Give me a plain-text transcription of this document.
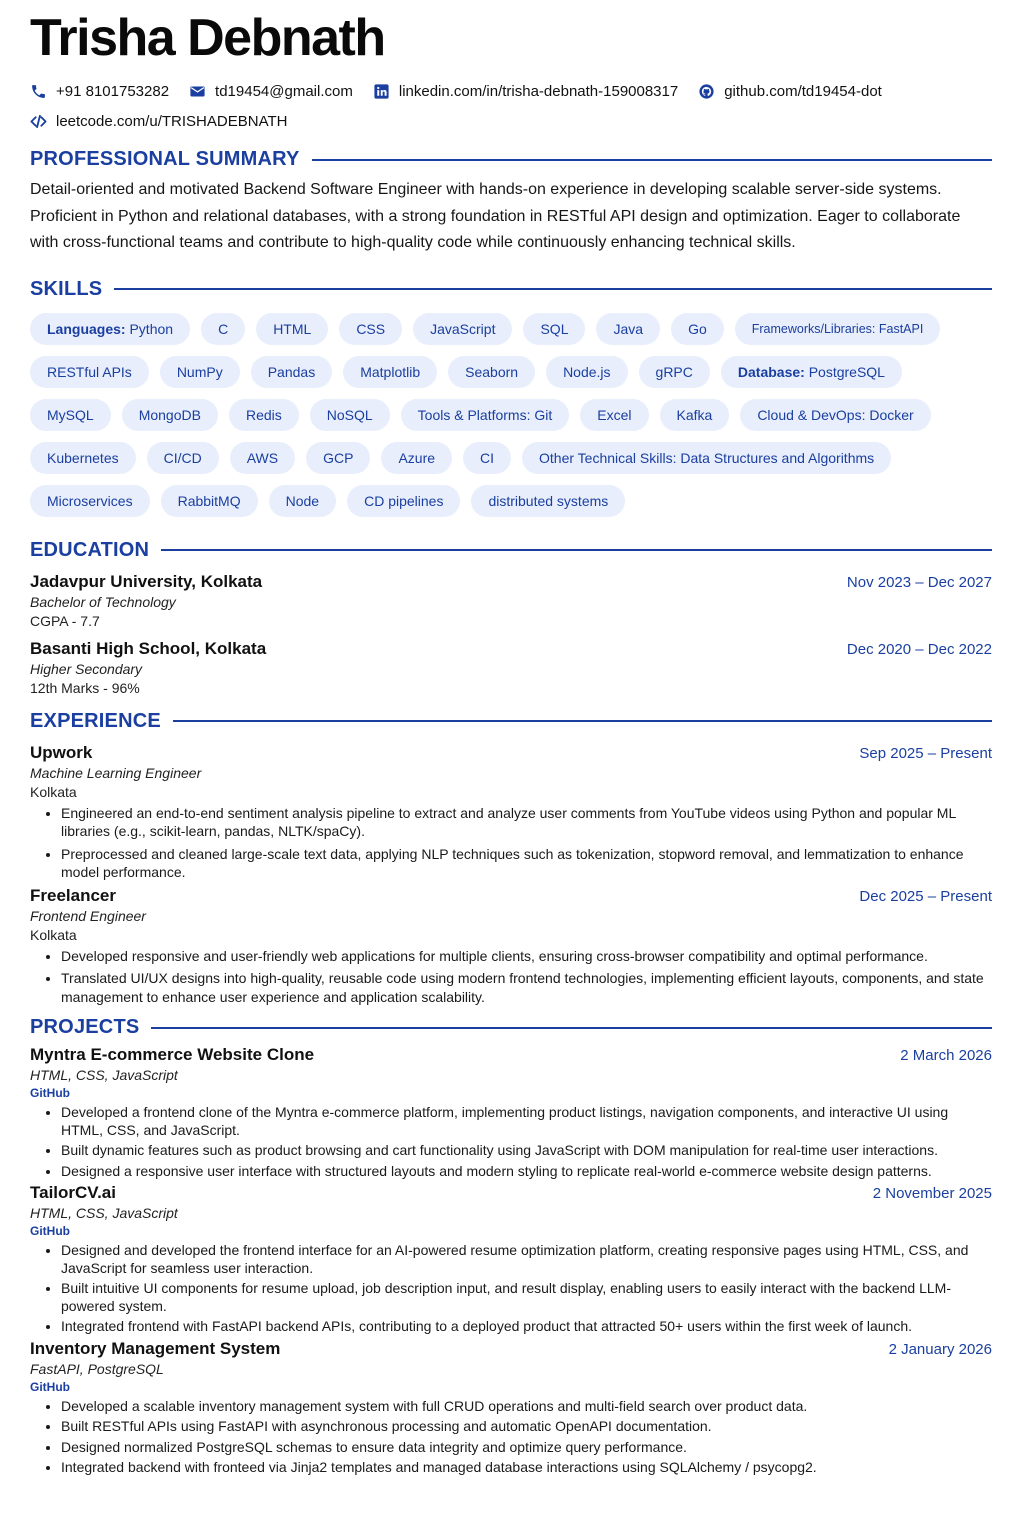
Trisha Debnath
+91 8101753282	td19454@gmail.com	linkedin.com/in/trisha-debnath-159008317	github.com/td19454-dot
leetcode.com/u/TRISHADEBNATH
PROFESSIONAL SUMMARY
Detail-oriented and motivated Backend Software Engineer with hands-on experience in developing scalable server-side systems. Proficient in Python and relational databases, with a strong foundation in RESTful API design and optimization. Eager to collaborate with cross-functional teams and contribute to high-quality code while continuously enhancing technical skills.
SKILLS
Languages: Python	C	HTML	CSS	JavaScript	SQL	Java	Go	Frameworks/Libraries: FastAPI
RESTful APIs	NumPy	Pandas	Matplotlib	Seaborn	Node.js	gRPC	Database: PostgreSQL
MySQL	MongoDB	Redis	NoSQL	Tools & Platforms: Git	Excel	Kafka	Cloud & DevOps: Docker
Kubernetes	CI/CD	AWS	GCP	Azure	CI	Other Technical Skills: Data Structures and Algorithms
Microservices	RabbitMQ	Node	CD pipelines	distributed systems
EDUCATION
Jadavpur University, Kolkata	Nov 2023 – Dec 2027
Bachelor of Technology
CGPA - 7.7
Basanti High School, Kolkata	Dec 2020 – Dec 2022
Higher Secondary
12th Marks - 96%
EXPERIENCE
Upwork	Sep 2025 – Present
Machine Learning Engineer
Kolkata
• Engineered an end-to-end sentiment analysis pipeline to extract and analyze user comments from YouTube videos using Python and popular ML libraries (e.g., scikit-learn, pandas, NLTK/spaCy).
• Preprocessed and cleaned large-scale text data, applying NLP techniques such as tokenization, stopword removal, and lemmatization to enhance model performance.
Freelancer	Dec 2025 – Present
Frontend Engineer
Kolkata
• Developed responsive and user-friendly web applications for multiple clients, ensuring cross-browser compatibility and optimal performance.
• Translated UI/UX designs into high-quality, reusable code using modern frontend technologies, implementing efficient layouts, components, and state management to enhance user experience and application scalability.
PROJECTS
Myntra E-commerce Website Clone	2 March 2026
HTML, CSS, JavaScript
GitHub
• Developed a frontend clone of the Myntra e-commerce platform, implementing product listings, navigation components, and interactive UI using HTML, CSS, and JavaScript.
• Built dynamic features such as product browsing and cart functionality using JavaScript with DOM manipulation for real-time user interactions.
• Designed a responsive user interface with structured layouts and modern styling to replicate real-world e-commerce website design patterns.
TailorCV.ai	2 November 2025
HTML, CSS, JavaScript
GitHub
• Designed and developed the frontend interface for an AI-powered resume optimization platform, creating responsive pages using HTML, CSS, and JavaScript for seamless user interaction.
• Built intuitive UI components for resume upload, job description input, and result display, enabling users to easily interact with the backend LLM-powered system.
• Integrated frontend with FastAPI backend APIs, contributing to a deployed product that attracted 50+ users within the first week of launch.
Inventory Management System	2 January 2026
FastAPI, PostgreSQL
GitHub
• Developed a scalable inventory management system with full CRUD operations and multi-field search over product data.
• Built RESTful APIs using FastAPI with asynchronous processing and automatic OpenAPI documentation.
• Designed normalized PostgreSQL schemas to ensure data integrity and optimize query performance.
• Integrated backend with fronteed via Jinja2 templates and managed database interactions using SQLAlchemy / psycopg2.
